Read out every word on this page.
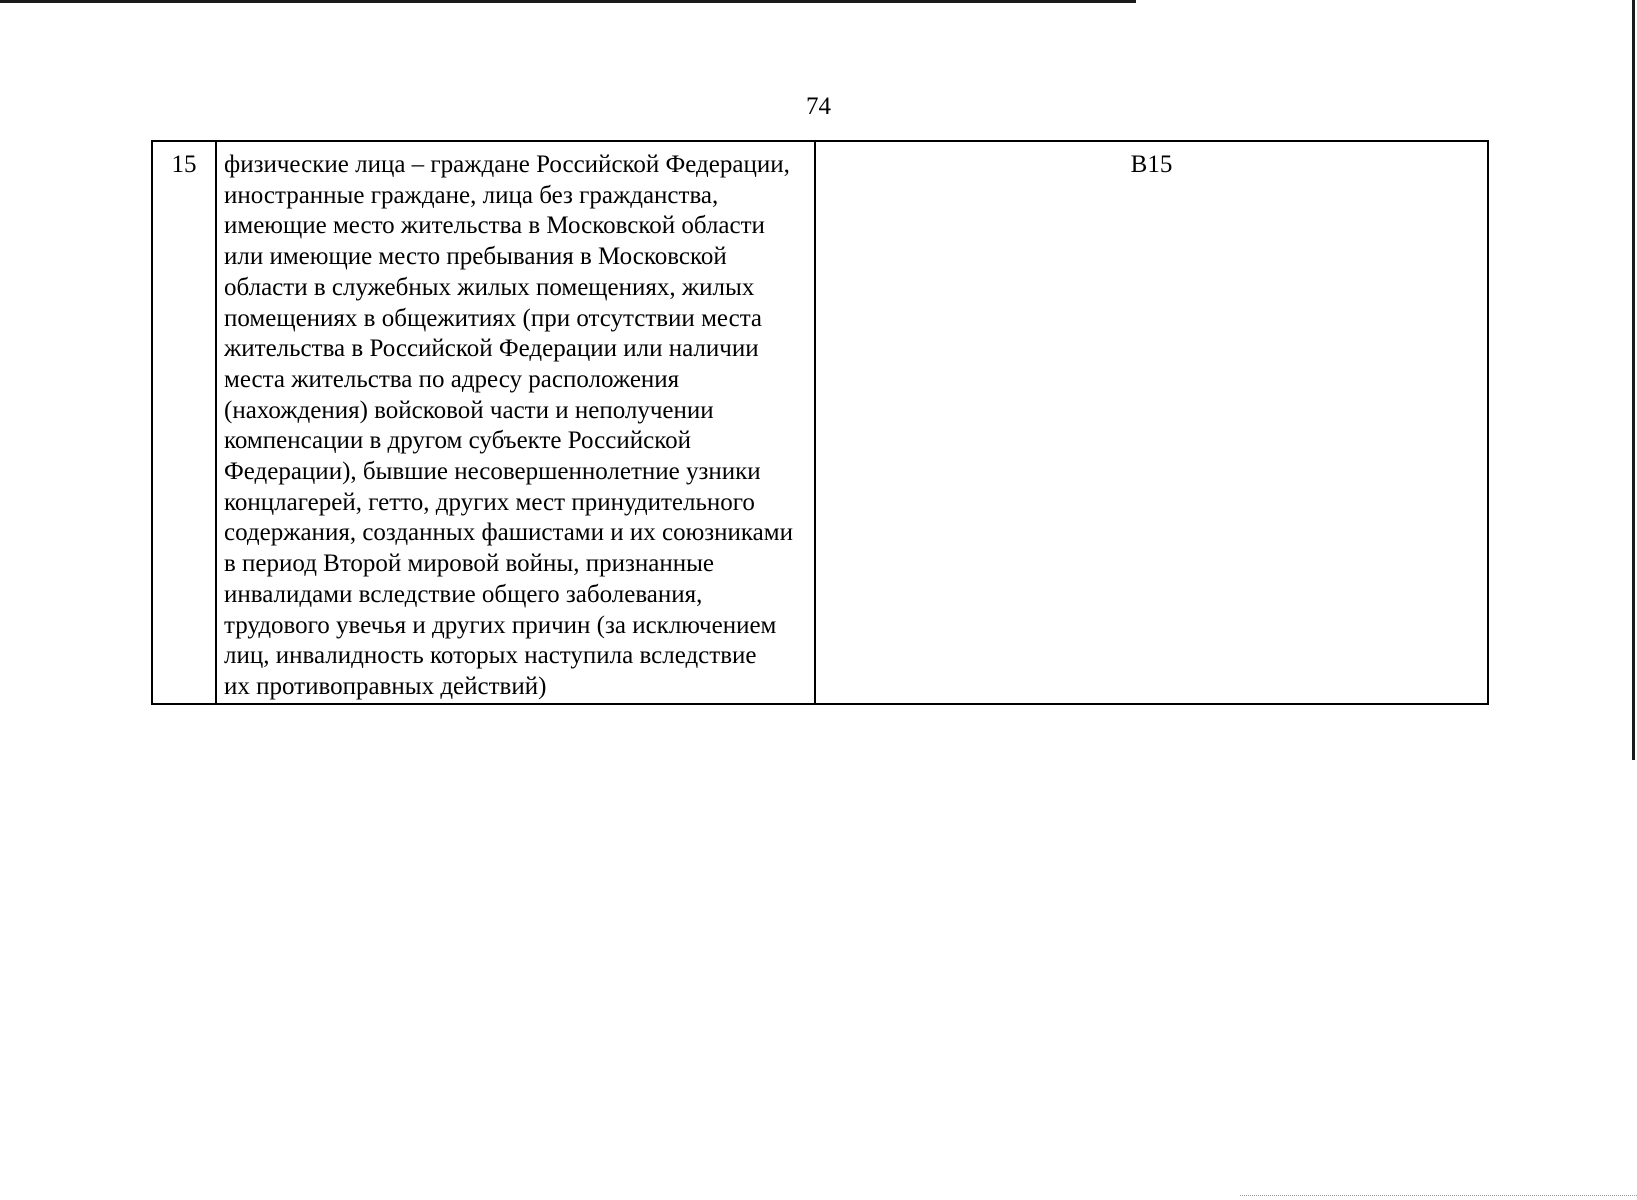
74
15	физические лица – граждане Российской Федерации,
иностранные граждане, лица без гражданства,
имеющие место жительства в Московской области
или имеющие место пребывания в Московской
области в служебных жилых помещениях, жилых
помещениях в общежитиях (при отсутствии места
жительства в Российской Федерации или наличии
места жительства по адресу расположения
(нахождения) войсковой части и неполучении
компенсации в другом субъекте Российской
Федерации), бывшие несовершеннолетние узники
концлагерей, гетто, других мест принудительного
содержания, созданных фашистами и их союзниками
в период Второй мировой войны, признанные
инвалидами вследствие общего заболевания,
трудового увечья и других причин (за исключением
лиц, инвалидность которых наступила вследствие
их противоправных действий)
	B15
